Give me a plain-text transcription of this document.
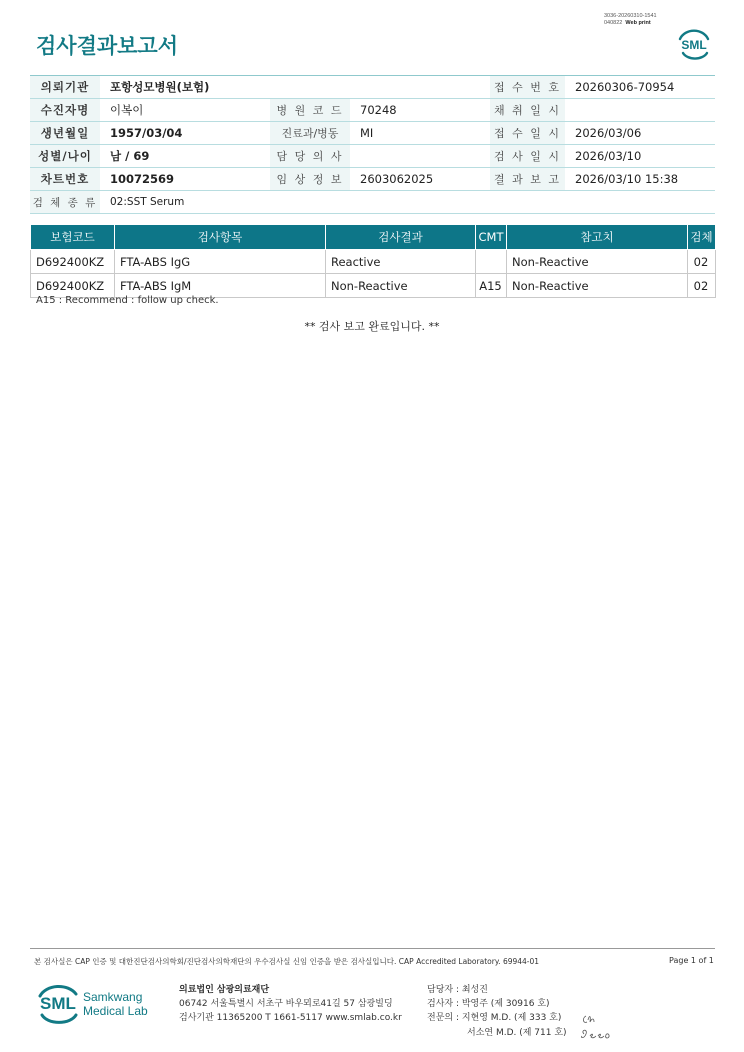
검사결과보고서
3036-20260310-1541
040822 Web print
SML
의뢰기관	포항성모병원(보험)			접 수 번 호	20260306-70954
수진자명	이복이	병 원 코 드	70248	채 취 일 시	
생년월일	1957/03/04	진료과/병동	MI	접 수 일 시	2026/03/06
성별/나이	남 / 69	담 당 의 사		검 사 일 시	2026/03/10
차트번호	10072569	임 상 정 보	2603062025	결 과 보 고	2026/03/10 15:38
검 체 종 류	02:SST Serum				
보험코드	검사항목	검사결과	CMT	참고치	검체
D692400KZ	FTA-ABS IgG	Reactive		Non-Reactive	02
D692400KZ	FTA-ABS IgM	Non-Reactive	A15	Non-Reactive	02
A15 : Recommend : follow up check.
** 검사 보고 완료입니다. **
본 검사실은 CAP 인증 및 대한진단검사의학회/진단검사의학재단의 우수검사실 신임 인증을 받은 검사실입니다. CAP Accredited Laboratory. 69944-01	Page 1 of 1
SML Samkwang
Medical Lab
의료법인 삼광의료재단
06742 서울특별시 서초구 바우뫼로41길 57 삼광빌딩
검사기관 11365200 T 1661-5117 www.smlab.co.kr
담당자 : 최성진
검사자 : 박영주 (제 30916 호)
전문의 : 지현영 M.D. (제 333 호)
서소연 M.D. (제 711 호)
